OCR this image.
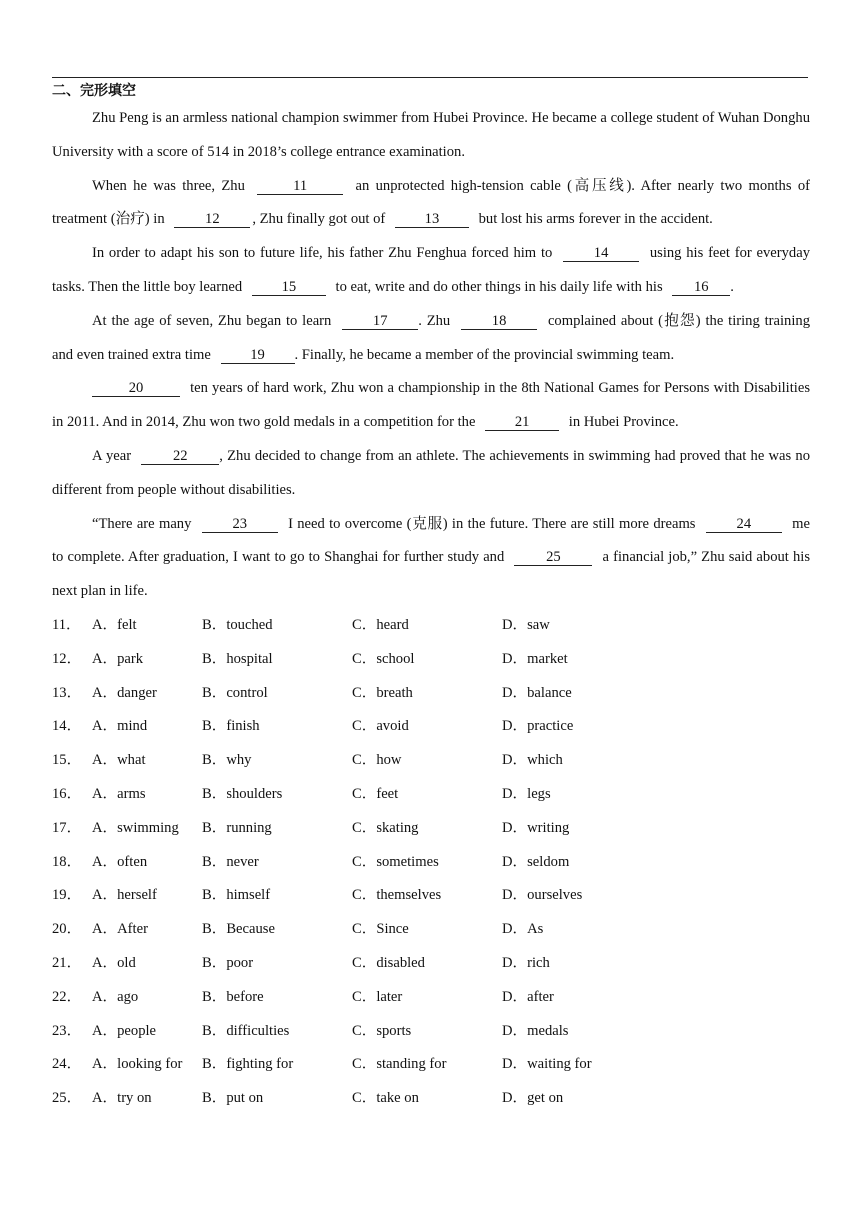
二、完形填空

Zhu Peng is an armless national champion swimmer from Hubei Province. He became a college student of Wuhan Donghu University with a score of 514 in 2018’s college entrance examination.

When he was three, Zhu	11	an unprotected high-tension cable (高压线). After nearly two months of treatment (治疗) in	12 , Zhu finally got out of	13	but lost his arms forever in the accident.

In order to adapt his son to future life, his father Zhu Fenghua forced him to	14	using his feet for everyday tasks. Then the little boy learned	15	to eat, write and do other things in his daily life with his 16 .

At the age of seven, Zhu began to learn	17 . Zhu	18	complained about (抱怨) the tiring training and even trained extra time	19 . Finally, he became a member of the provincial swimming team.

20	ten years of hard work, Zhu won a championship in the 8th National Games for Persons with Disabilities in 2011. And in 2014, Zhu won two gold medals in a competition for the	21	in Hubei Province.

A year	22 , Zhu decided to change from an athlete. The achievements in swimming had proved that he was no different from people without disabilities.

“There are many	23	I need to overcome (克服) in the future. There are still more dreams	24	me to complete. After graduation, I want to go to Shanghai for further study and	25	a financial job,” Zhu said about his next plan in life.

11． A．felt	B．touched	C．heard	D．saw
12． A．park	B．hospital	C．school	D．market
13． A．danger	B．control	C．breath	D．balance
14． A．mind	B．finish	C．avoid	D．practice
15． A．what	B．why	C．how	D．which
16． A．arms	B．shoulders	C．feet	D．legs
17． A．swimming B．running	C．skating	D．writing
18． A．often	B．never	C．sometimes	D．seldom
19． A．herself	B．himself	C．themselves	D．ourselves
20． A．After	B．Because	C．Since	D．As
21． A．old	B．poor	C．disabled	D．rich
22． A．ago	B．before	C．later	D．after
23． A．people	B．difficulties	C．sports	D．medals
24． A．looking for B．fighting for	C．standing for	D．waiting for
25． A．try on	B．put on	C．take on	D．get on
